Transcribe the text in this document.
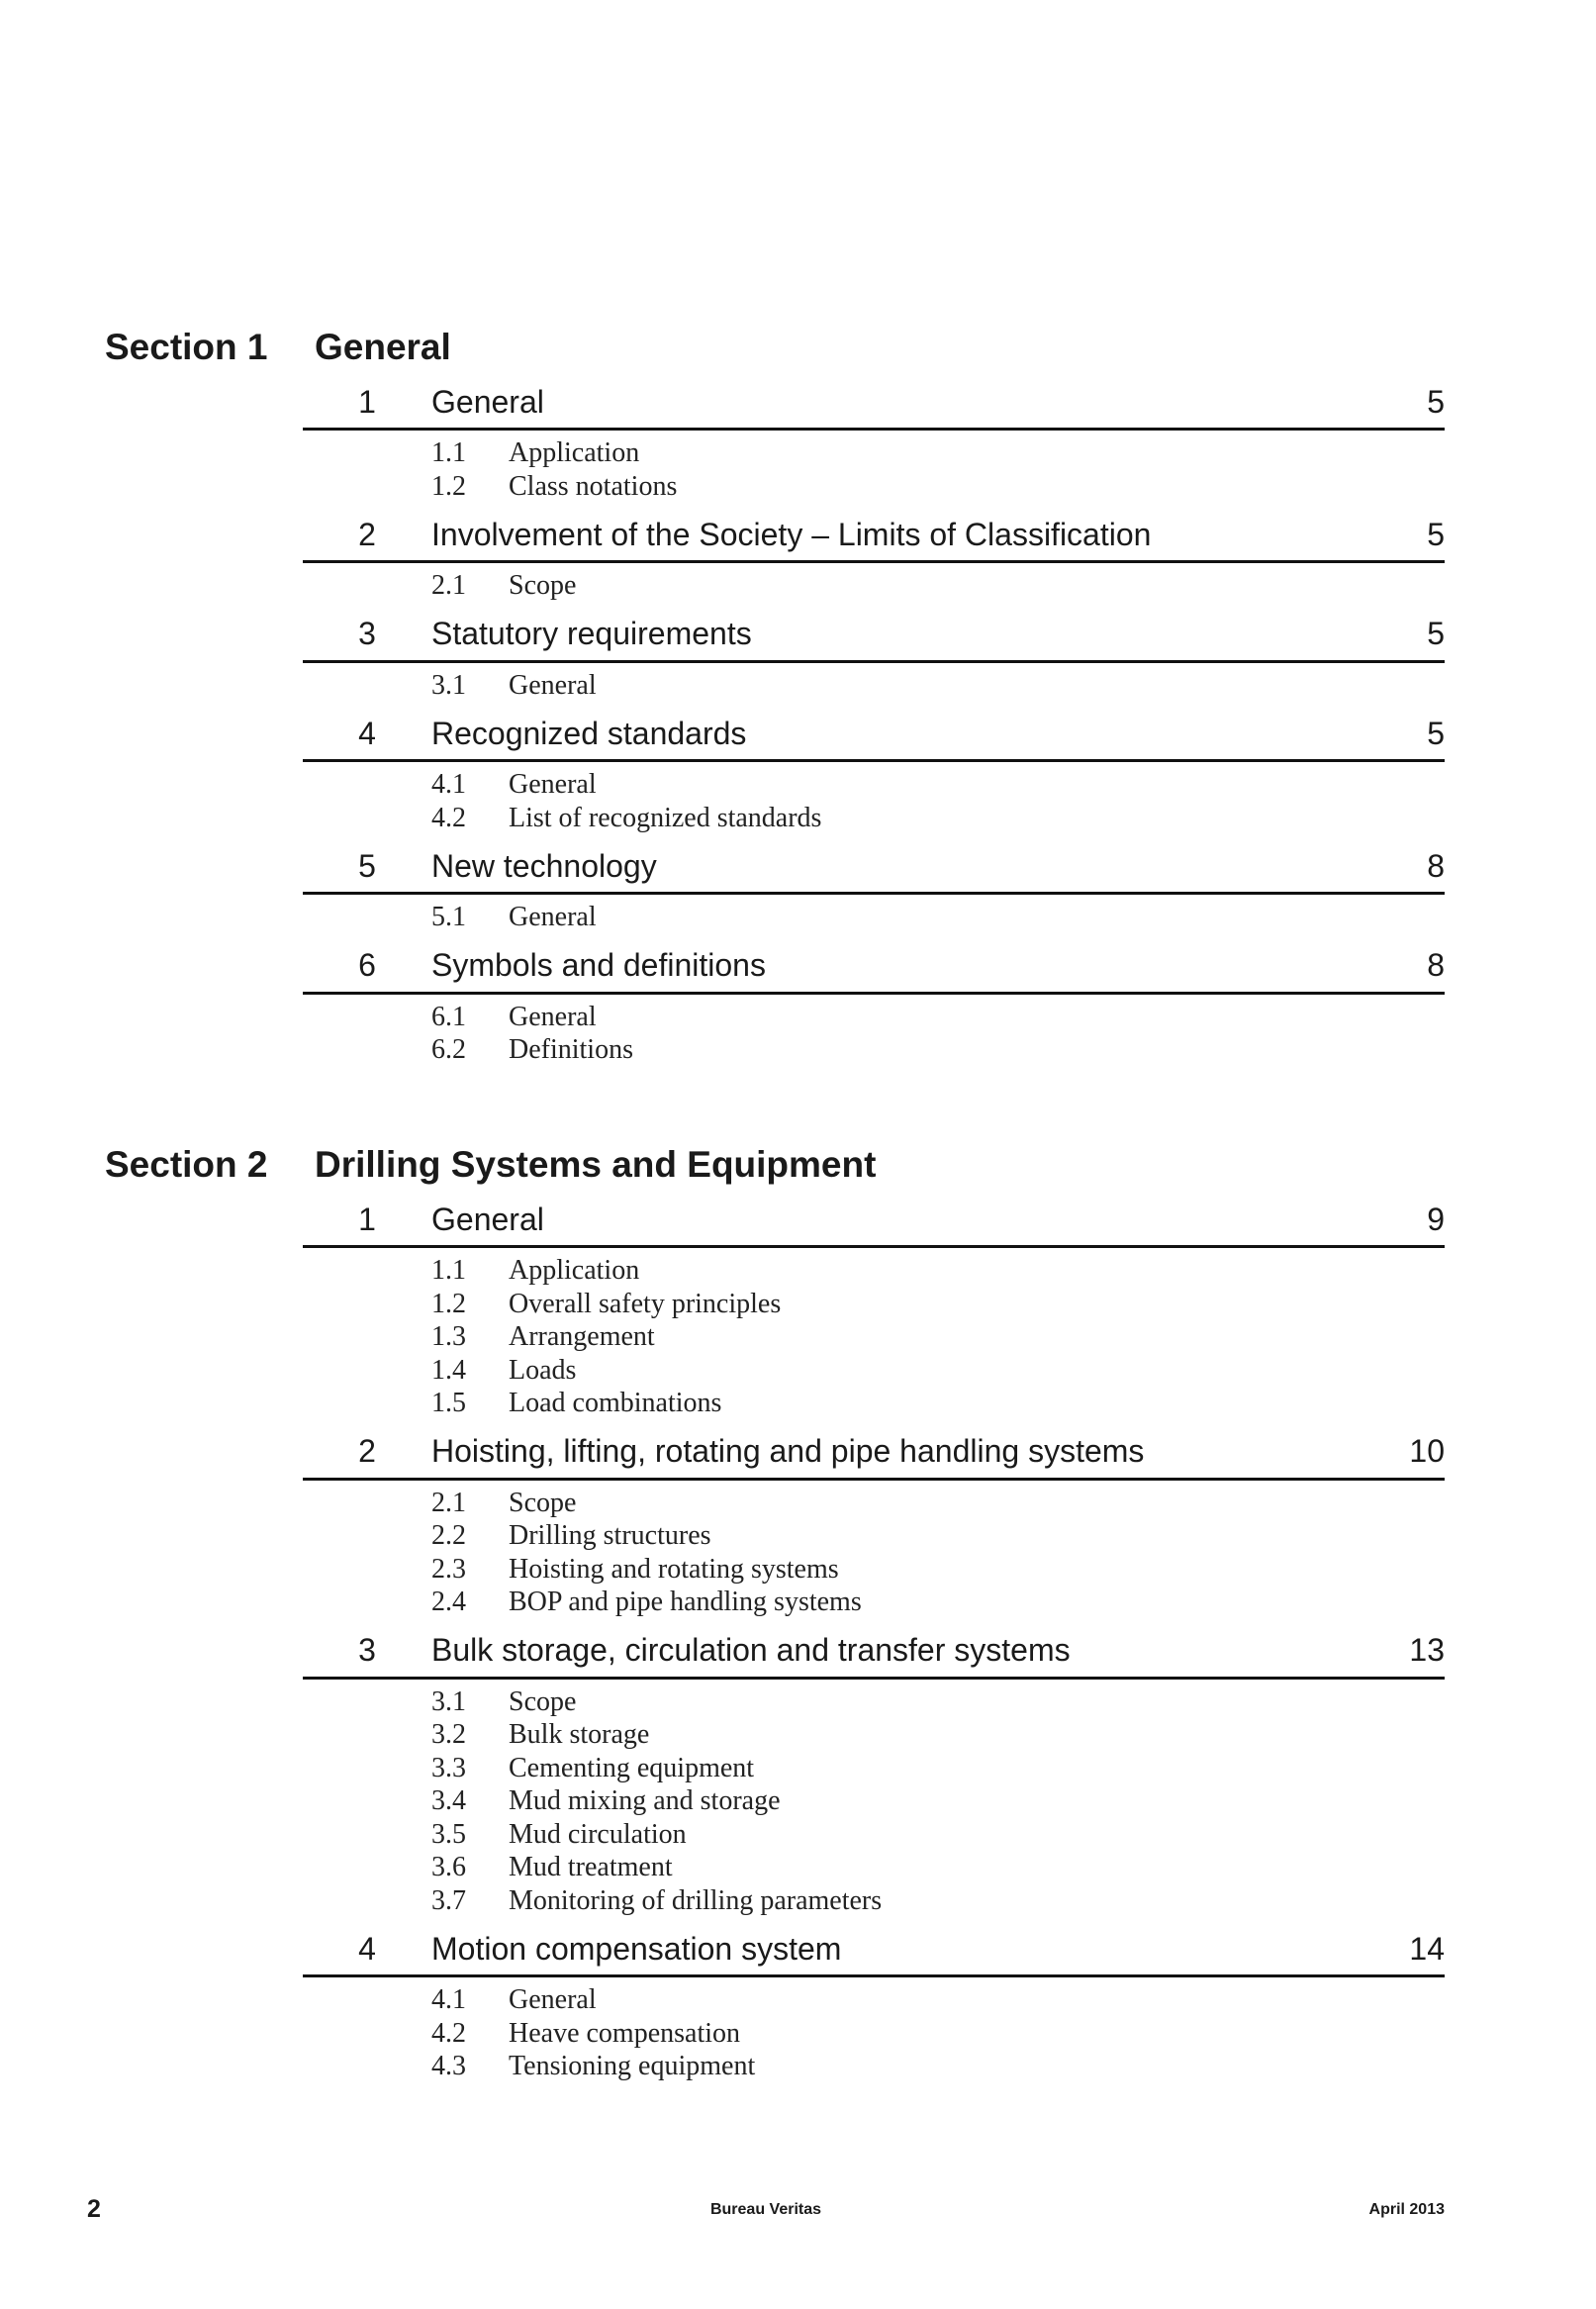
Section 1	General
1	General	5
1.1	Application
1.2	Class notations
2	Involvement of the Society – Limits of Classification	5
2.1	Scope
3	Statutory requirements	5
3.1	General
4	Recognized standards	5
4.1	General
4.2	List of recognized standards
5	New technology	8
5.1	General
6	Symbols and definitions	8
6.1	General
6.2	Definitions
Section 2	Drilling Systems and Equipment
1	General	9
1.1	Application
1.2	Overall safety principles
1.3	Arrangement
1.4	Loads
1.5	Load combinations
2	Hoisting, lifting, rotating and pipe handling systems	10
2.1	Scope
2.2	Drilling structures
2.3	Hoisting and rotating systems
2.4	BOP and pipe handling systems
3	Bulk storage, circulation and transfer systems	13
3.1	Scope
3.2	Bulk storage
3.3	Cementing equipment
3.4	Mud mixing and storage
3.5	Mud circulation
3.6	Mud treatment
3.7	Monitoring of drilling parameters
4	Motion compensation system	14
4.1	General
4.2	Heave compensation
4.3	Tensioning equipment
2	Bureau Veritas	April 2013
